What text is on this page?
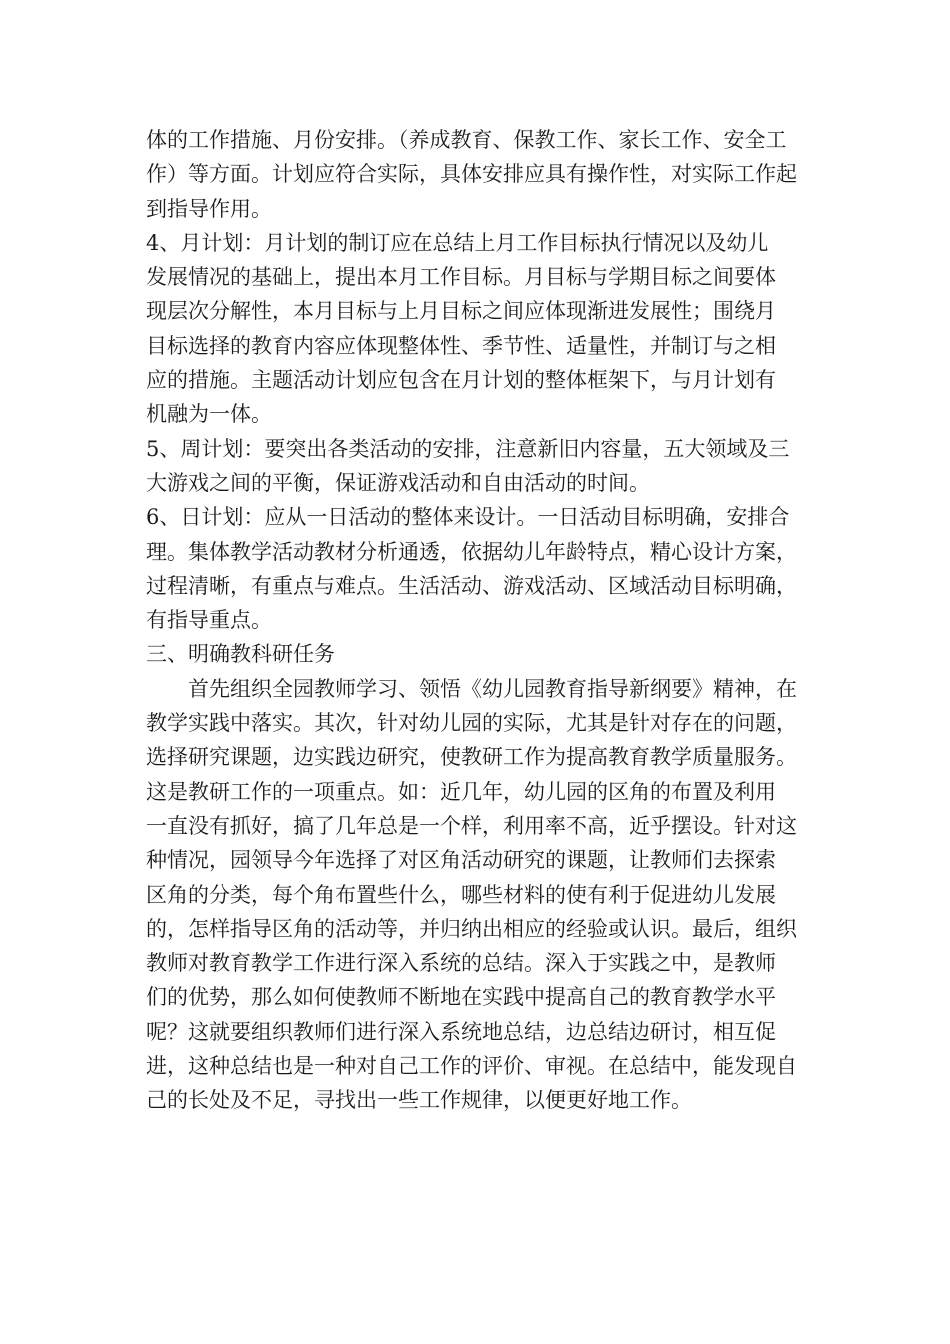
体的工作措施、月份安排。（养成教育、保教工作、家长工作、安全工
作）等方面。计划应符合实际，具体安排应具有操作性，对实际工作起
到指导作用。
4、月计划：月计划的制订应在总结上月工作目标执行情况以及幼儿
发展情况的基础上，提出本月工作目标。月目标与学期目标之间要体
现层次分解性，本月目标与上月目标之间应体现渐进发展性；围绕月
目标选择的教育内容应体现整体性、季节性、适量性，并制订与之相
应的措施。主题活动计划应包含在月计划的整体框架下，与月计划有
机融为一体。
5、周计划：要突出各类活动的安排，注意新旧内容量，五大领域及三
大游戏之间的平衡，保证游戏活动和自由活动的时间。
6、日计划：应从一日活动的整体来设计。一日活动目标明确，安排合
理。集体教学活动教材分析通透，依据幼儿年龄特点，精心设计方案，
过程清晰，有重点与难点。生活活动、游戏活动、区域活动目标明确，
有指导重点。
三、明确教科研任务
首先组织全园教师学习、领悟《幼儿园教育指导新纲要》精神，在
教学实践中落实。其次，针对幼儿园的实际，尤其是针对存在的问题，
选择研究课题，边实践边研究，使教研工作为提高教育教学质量服务。
这是教研工作的一项重点。如：近几年，幼儿园的区角的布置及利用
一直没有抓好，搞了几年总是一个样，利用率不高，近乎摆设。针对这
种情况，园领导今年选择了对区角活动研究的课题，让教师们去探索
区角的分类，每个角布置些什么，哪些材料的使有利于促进幼儿发展
的，怎样指导区角的活动等，并归纳出相应的经验或认识。最后，组织
教师对教育教学工作进行深入系统的总结。深入于实践之中，是教师
们的优势，那么如何使教师不断地在实践中提高自己的教育教学水平
呢？这就要组织教师们进行深入系统地总结，边总结边研讨，相互促
进，这种总结也是一种对自己工作的评价、审视。在总结中，能发现自
己的长处及不足，寻找出一些工作规律，以便更好地工作。
